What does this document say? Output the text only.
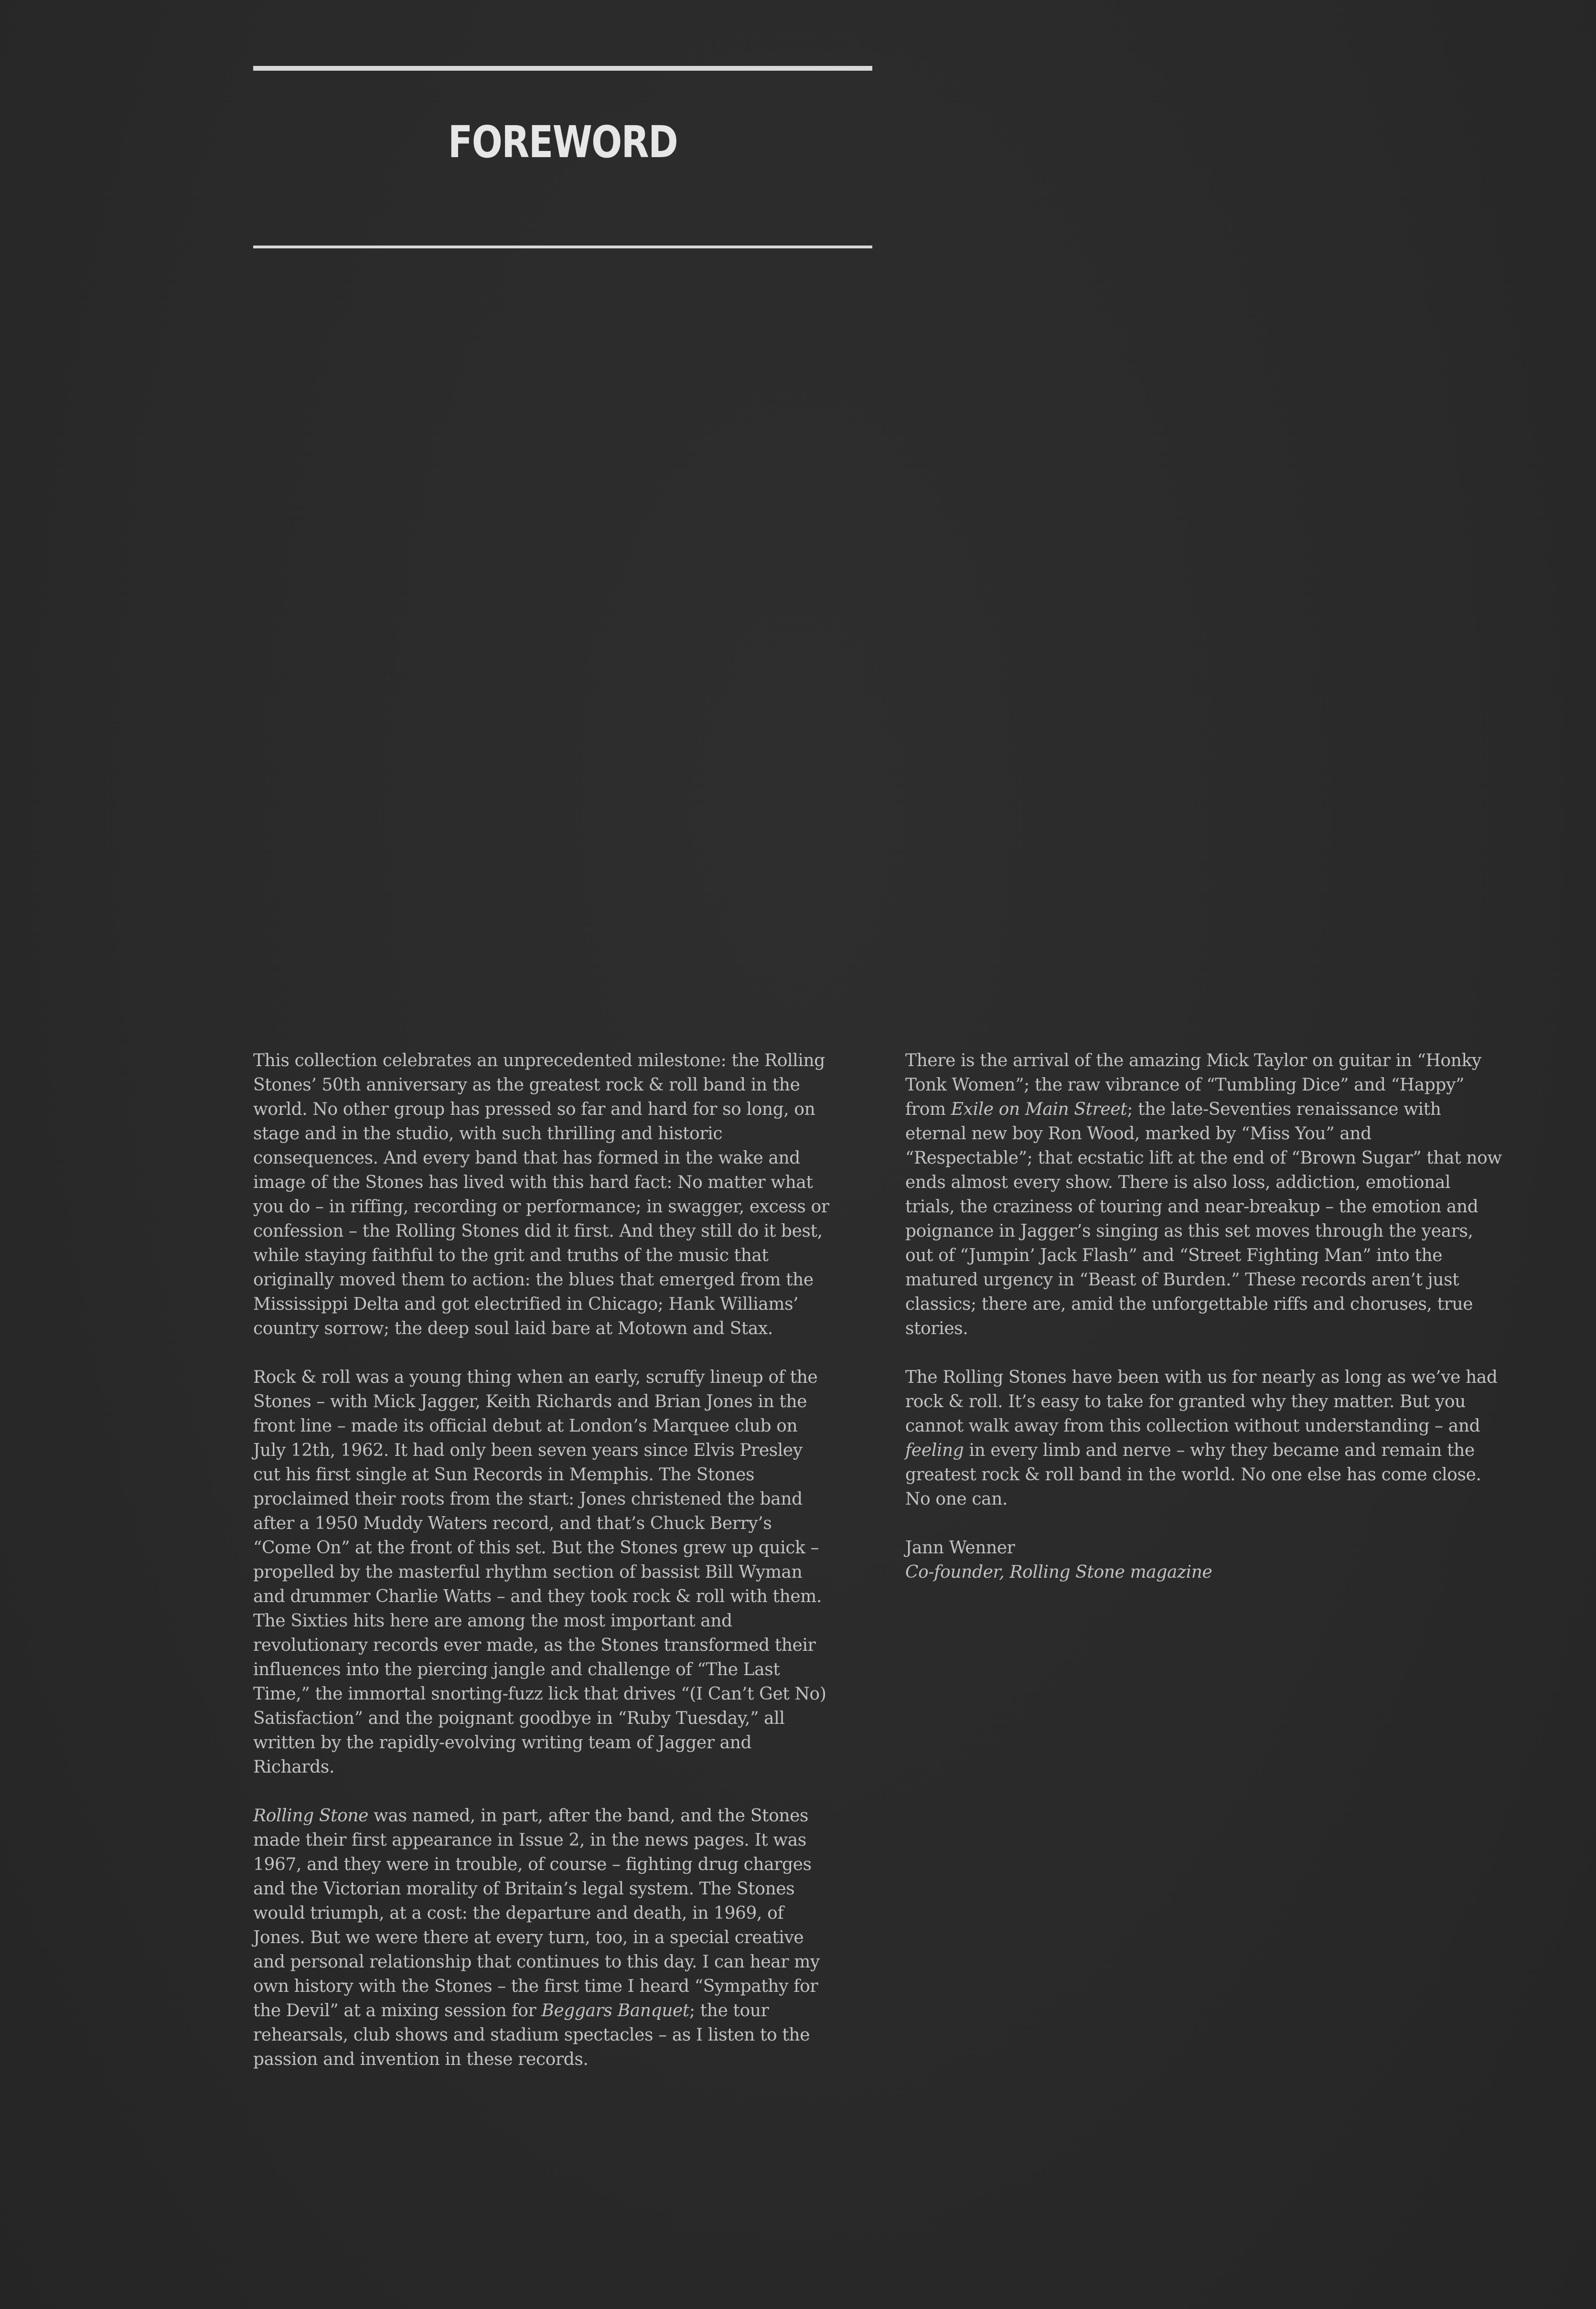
FOREWORD

This collection celebrates an unprecedented milestone: the Rolling Stones’ 50th anniversary as the greatest rock & roll band in the world. No other group has pressed so far and hard for so long, on stage and in the studio, with such thrilling and historic consequences. And every band that has formed in the wake and image of the Stones has lived with this hard fact: No matter what you do – in riffing, recording or performance; in swagger, excess or confession – the Rolling Stones did it first. And they still do it best, while staying faithful to the grit and truths of the music that originally moved them to action: the blues that emerged from the Mississippi Delta and got electrified in Chicago; Hank Williams’ country sorrow; the deep soul laid bare at Motown and Stax.

Rock & roll was a young thing when an early, scruffy lineup of the Stones – with Mick Jagger, Keith Richards and Brian Jones in the front line – made its official debut at London’s Marquee club on July 12th, 1962. It had only been seven years since Elvis Presley cut his first single at Sun Records in Memphis. The Stones proclaimed their roots from the start: Jones christened the band after a 1950 Muddy Waters record, and that’s Chuck Berry’s “Come On” at the front of this set. But the Stones grew up quick – propelled by the masterful rhythm section of bassist Bill Wyman and drummer Charlie Watts – and they took rock & roll with them. The Sixties hits here are among the most important and revolutionary records ever made, as the Stones transformed their influences into the piercing jangle and challenge of “The Last Time,” the immortal snorting-fuzz lick that drives “(I Can’t Get No) Satisfaction” and the poignant goodbye in “Ruby Tuesday,” all written by the rapidly-evolving writing team of Jagger and Richards.

Rolling Stone was named, in part, after the band, and the Stones made their first appearance in Issue 2, in the news pages. It was 1967, and they were in trouble, of course – fighting drug charges and the Victorian morality of Britain’s legal system. The Stones would triumph, at a cost: the departure and death, in 1969, of Jones. But we were there at every turn, too, in a special creative and personal relationship that continues to this day. I can hear my own history with the Stones – the first time I heard “Sympathy for the Devil” at a mixing session for Beggars Banquet; the tour rehearsals, club shows and stadium spectacles – as I listen to the passion and invention in these records.

There is the arrival of the amazing Mick Taylor on guitar in “Honky Tonk Women”; the raw vibrance of “Tumbling Dice” and “Happy” from Exile on Main Street; the late-Seventies renaissance with eternal new boy Ron Wood, marked by “Miss You” and “Respectable”; that ecstatic lift at the end of “Brown Sugar” that now ends almost every show. There is also loss, addiction, emotional trials, the craziness of touring and near-breakup – the emotion and poignance in Jagger’s singing as this set moves through the years, out of “Jumpin’ Jack Flash” and “Street Fighting Man” into the matured urgency in “Beast of Burden.” These records aren’t just classics; there are, amid the unforgettable riffs and choruses, true stories.

The Rolling Stones have been with us for nearly as long as we’ve had rock & roll. It’s easy to take for granted why they matter. But you cannot walk away from this collection without understanding – and feeling in every limb and nerve – why they became and remain the greatest rock & roll band in the world. No one else has come close. No one can.

Jann Wenner
Co-founder, Rolling Stone magazine
